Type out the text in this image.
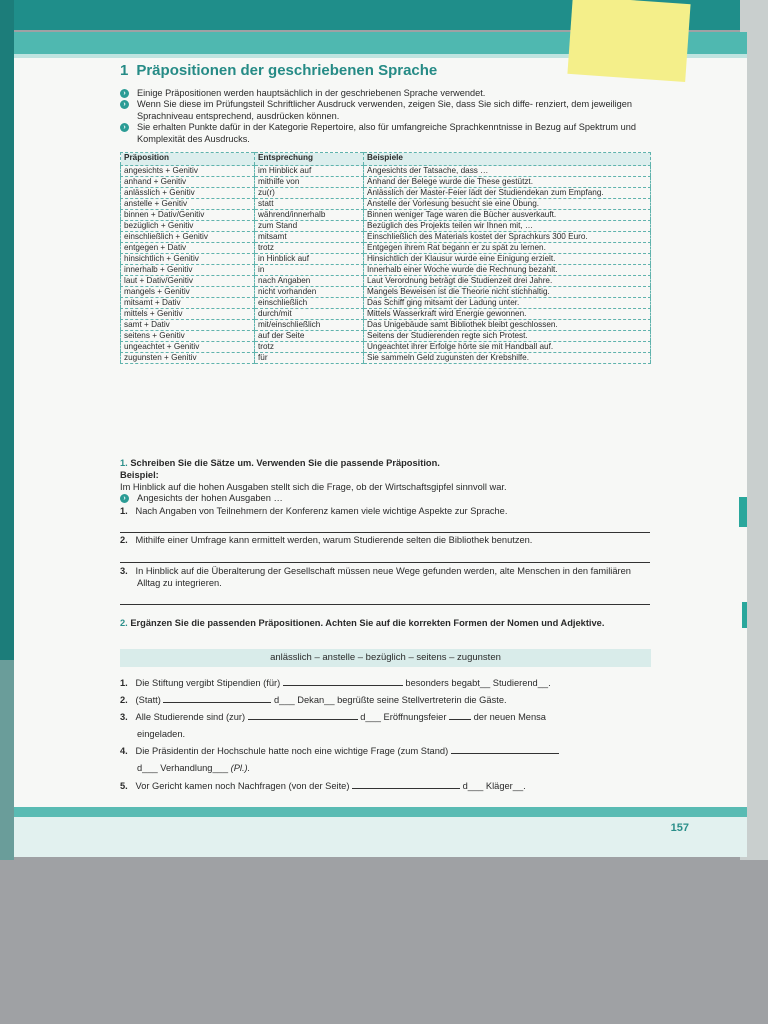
157
1 Präpositionen der geschriebenen Sprache
›	Einige Präpositionen werden hauptsächlich in der geschriebenen Sprache verwendet.
›	Wenn Sie diese im Prüfungsteil Schriftlicher Ausdruck verwenden, zeigen Sie, dass Sie sich diffe- renziert, dem jeweiligen Sprachniveau entsprechend, ausdrücken können.
›	Sie erhalten Punkte dafür in der Kategorie Repertoire, also für umfangreiche Sprachkenntnisse in Bezug auf Spektrum und Komplexität des Ausdrucks.
Präposition	Entsprechung	Beispiele
angesichts + Genitiv	im Hinblick auf	Angesichts der Tatsache, dass …
anhand + Genitiv	mithilfe von	Anhand der Belege wurde die These gestützt.
anlässlich + Genitiv	zu(r)	Anlässlich der Master-Feier lädt der Studiendekan zum Empfang.
anstelle + Genitiv	statt	Anstelle der Vorlesung besucht sie eine Übung.
binnen + Dativ/Genitiv	während/innerhalb	Binnen weniger Tage waren die Bücher ausverkauft.
bezüglich + Genitiv	zum Stand	Bezüglich des Projekts teilen wir Ihnen mit, …
einschließlich + Genitiv	mitsamt	Einschließlich des Materials kostet der Sprachkurs 300 Euro.
entgegen + Dativ	trotz	Entgegen ihrem Rat begann er zu spät zu lernen.
hinsichtlich + Genitiv	in Hinblick auf	Hinsichtlich der Klausur wurde eine Einigung erzielt.
innerhalb + Genitiv	in	Innerhalb einer Woche wurde die Rechnung bezahlt.
laut + Dativ/Genitiv	nach Angaben	Laut Verordnung beträgt die Studienzeit drei Jahre.
mangels + Genitiv	nicht vorhanden	Mangels Beweisen ist die Theorie nicht stichhaltig.
mitsamt + Dativ	einschließlich	Das Schiff ging mitsamt der Ladung unter.
mittels + Genitiv	durch/mit	Mittels Wasserkraft wird Energie gewonnen.
samt + Dativ	mit/einschließlich	Das Unigebäude samt Bibliothek bleibt geschlossen.
seitens + Genitiv	auf der Seite	Seitens der Studierenden regte sich Protest.
ungeachtet + Genitiv	trotz	Ungeachtet ihrer Erfolge hörte sie mit Handball auf.
zugunsten + Genitiv	für	Sie sammeln Geld zugunsten der Krebshilfe.
1. Schreiben Sie die Sätze um. Verwenden Sie die passende Präposition.
Beispiel:
Im Hinblick auf die hohen Ausgaben stellt sich die Frage, ob der Wirtschaftsgipfel sinnvoll war.
›	Angesichts der hohen Ausgaben …
1. Nach Angaben von Teilnehmern der Konferenz kamen viele wichtige Aspekte zur Sprache.
2. Mithilfe einer Umfrage kann ermittelt werden, warum Studierende selten die Bibliothek benutzen.
3. In Hinblick auf die Überalterung der Gesellschaft müssen neue Wege gefunden werden, alte Menschen in den familiären Alltag zu integrieren.
2. Ergänzen Sie die passenden Präpositionen. Achten Sie auf die korrekten Formen der Nomen und Adjektive.
anlässlich – anstelle – bezüglich – seitens – zugunsten
1. Die Stiftung vergibt Stipendien (für)	besonders begabt__ Studierend__.
2. (Statt)	d___ Dekan__ begrüßte seine Stellvertreterin die Gäste.
3. Alle Studierende sind (zur)	d___ Eröffnungsfeier	der neuen Mensa
eingeladen.
4. Die Präsidentin der Hochschule hatte noch eine wichtige Frage (zum Stand)
d___ Verhandlung___ (Pl.).
5. Vor Gericht kamen noch Nachfragen (von der Seite)	d___ Kläger__.
